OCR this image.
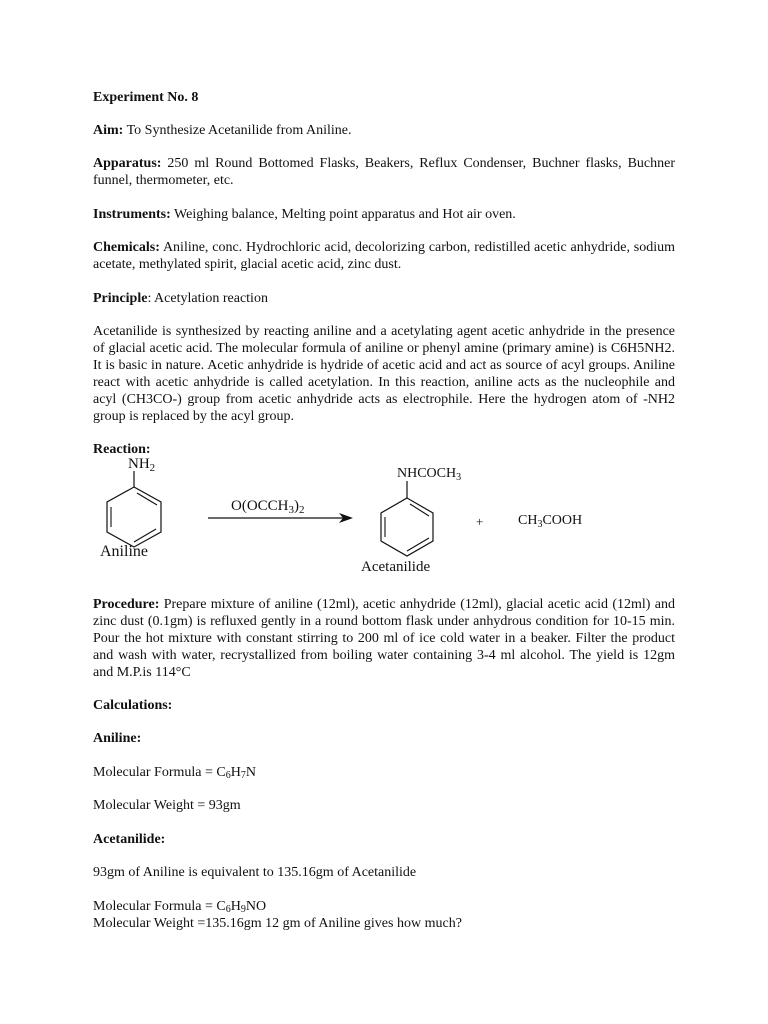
Experiment No. 8
Aim: To Synthesize Acetanilide from Aniline.
Apparatus: 250 ml Round Bottomed Flasks, Beakers, Reflux Condenser, Buchner flasks, Buchner funnel, thermometer, etc.
Instruments: Weighing balance, Melting point apparatus and Hot air oven.
Chemicals: Aniline, conc. Hydrochloric acid, decolorizing carbon, redistilled acetic anhydride, sodium acetate, methylated spirit, glacial acetic acid, zinc dust.
Principle: Acetylation reaction
Acetanilide is synthesized by reacting aniline and a acetylating agent acetic anhydride in the presence of glacial acetic acid. The molecular formula of aniline or phenyl amine (primary amine) is C6H5NH2. It is basic in nature. Acetic anhydride is hydride of acetic acid and act as source of acyl groups. Aniline react with acetic anhydride is called acetylation. In this reaction, aniline acts as the nucleophile and acyl (CH3CO-) group from acetic anhydride acts as electrophile. Here the hydrogen atom of -NH2 group is replaced by the acyl group.
Reaction:
$NH_2$
Aniline
$O(OCCH_3)_2$
$NHCOCH_3$
Acetanilide
+ $CH_3COOH$
Procedure: Prepare mixture of aniline (12ml), acetic anhydride (12ml), glacial acetic acid (12ml) and zinc dust (0.1gm) is refluxed gently in a round bottom flask under anhydrous condition for 10-15 min. Pour the hot mixture with constant stirring to 200 ml of ice cold water in a beaker. Filter the product and wash with water, recrystallized from boiling water containing 3-4 ml alcohol. The yield is 12gm and M.P.is 114°C
Calculations:
Aniline:
Molecular Formula = $C_6H_7N$
Molecular Weight = 93gm
Acetanilide:
93gm of Aniline is equivalent to 135.16gm of Acetanilide
Molecular Formula = $C_6H_9NO$
Molecular Weight =135.16gm 12 gm of Aniline gives how much?
